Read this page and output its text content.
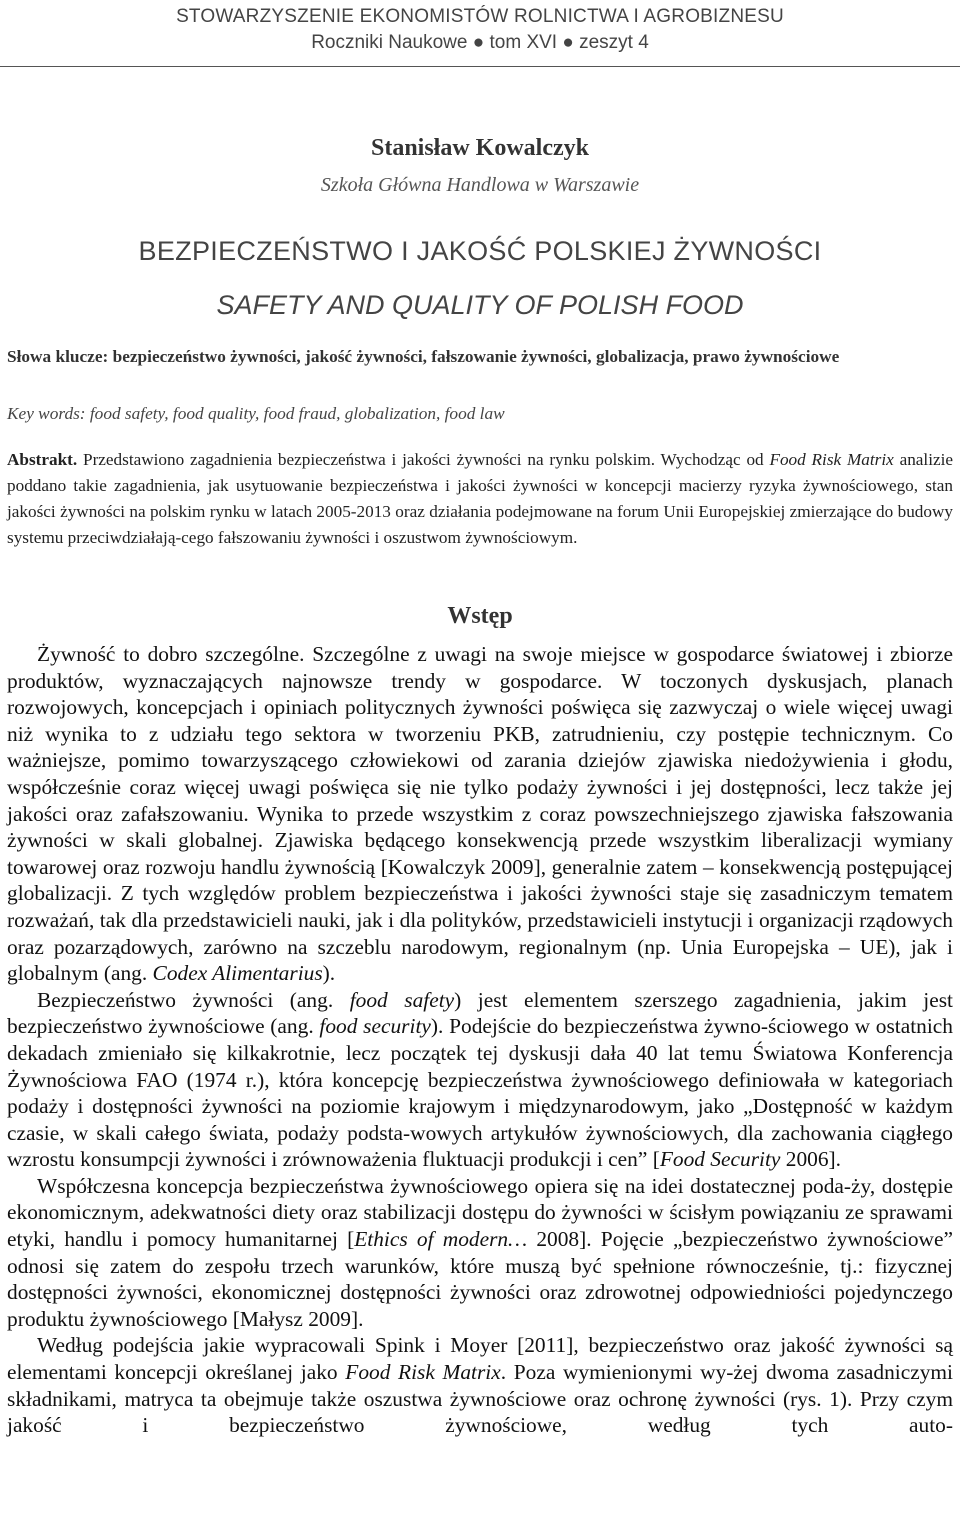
STOWARZYSZENIE EKONOMISTÓW ROLNICTWA I AGROBIZNESU
Roczniki Naukowe ● tom XVI ● zeszyt 4
Stanisław Kowalczyk
Szkoła Główna Handlowa w Warszawie
BEZPIECZEŃSTWO I JAKOŚĆ POLSKIEJ ŻYWNOŚCI
SAFETY AND QUALITY OF POLISH FOOD
Słowa klucze: bezpieczeństwo żywności, jakość żywności, fałszowanie żywności, globalizacja, prawo żywnościowe
Key words: food safety, food quality, food fraud, globalization, food law
Abstrakt. Przedstawiono zagadnienia bezpieczeństwa i jakości żywności na rynku polskim. Wychodząc od Food Risk Matrix analizie poddano takie zagadnienia, jak usytuowanie bezpieczeństwa i jakości żywności w koncepcji macierzy ryzyka żywnościowego, stan jakości żywności na polskim rynku w latach 2005-2013 oraz działania podejmowane na forum Unii Europejskiej zmierzające do budowy systemu przeciwdziałają-cego fałszowaniu żywności i oszustwom żywnościowym.
Wstęp

Żywność to dobro szczególne. Szczególne z uwagi na swoje miejsce w gospodarce światowej i zbiorze produktów, wyznaczających najnowsze trendy w gospodarce. W toczonych dyskusjach, planach rozwojowych, koncepcjach i opiniach politycznych żywności poświęca się zazwyczaj o wiele więcej uwagi niż wynika to z udziału tego sektora w tworzeniu PKB, zatrudnieniu, czy postępie technicznym. Co ważniejsze, pomimo towarzyszącego człowiekowi od zarania dziejów zjawiska niedożywienia i głodu, współcześnie coraz więcej uwagi poświęca się nie tylko podaży żywności i jej dostępności, lecz także jej jakości oraz zafałszowaniu. Wynika to przede wszystkim z coraz powszechniejszego zjawiska fałszowania żywności w skali globalnej. Zjawiska będącego konsekwencją przede wszystkim liberalizacji wymiany towarowej oraz rozwoju handlu żywnością [Kowalczyk 2009], generalnie zatem – konsekwencją postępującej globalizacji. Z tych względów problem bezpieczeństwa i jakości żywności staje się zasadniczym tematem rozważań, tak dla przedstawicieli nauki, jak i dla polityków, przedstawicieli instytucji i organizacji rządowych oraz pozarządowych, zarówno na szczeblu narodowym, regionalnym (np. Unia Europejska – UE), jak i globalnym (ang. Codex Alimentarius).

Bezpieczeństwo żywności (ang. food safety) jest elementem szerszego zagadnienia, jakim jest bezpieczeństwo żywnościowe (ang. food security). Podejście do bezpieczeństwa żywno-ściowego w ostatnich dekadach zmieniało się kilkakrotnie, lecz początek tej dyskusji dała 40 lat temu Światowa Konferencja Żywnościowa FAO (1974 r.), która koncepcję bezpieczeństwa żywnościowego definiowała w kategoriach podaży i dostępności żywności na poziomie krajowym i międzynarodowym, jako „Dostępność w każdym czasie, w skali całego świata, podaży podsta-wowych artykułów żywnościowych, dla zachowania ciągłego wzrostu konsumpcji żywności i zrównoważenia fluktuacji produkcji i cen” [Food Security 2006].

Współczesna koncepcja bezpieczeństwa żywnościowego opiera się na idei dostatecznej poda-ży, dostępie ekonomicznym, adekwatności diety oraz stabilizacji dostępu do żywności w ścisłym powiązaniu ze sprawami etyki, handlu i pomocy humanitarnej [Ethics of modern… 2008]. Pojęcie „bezpieczeństwo żywnościowe” odnosi się zatem do zespołu trzech warunków, które muszą być spełnione równocześnie, tj.: fizycznej dostępności żywności, ekonomicznej dostępności żywności oraz zdrowotnej odpowiedniości pojedynczego produktu żywnościowego [Małysz 2009].

Według podejścia jakie wypracowali Spink i Moyer [2011], bezpieczeństwo oraz jakość żywności są elementami koncepcji określanej jako Food Risk Matrix. Poza wymienionymi wy-żej dwoma zasadniczymi składnikami, matryca ta obejmuje także oszustwa żywnościowe oraz ochronę żywności (rys. 1). Przy czym jakość i bezpieczeństwo żywnościowe, według tych auto-
